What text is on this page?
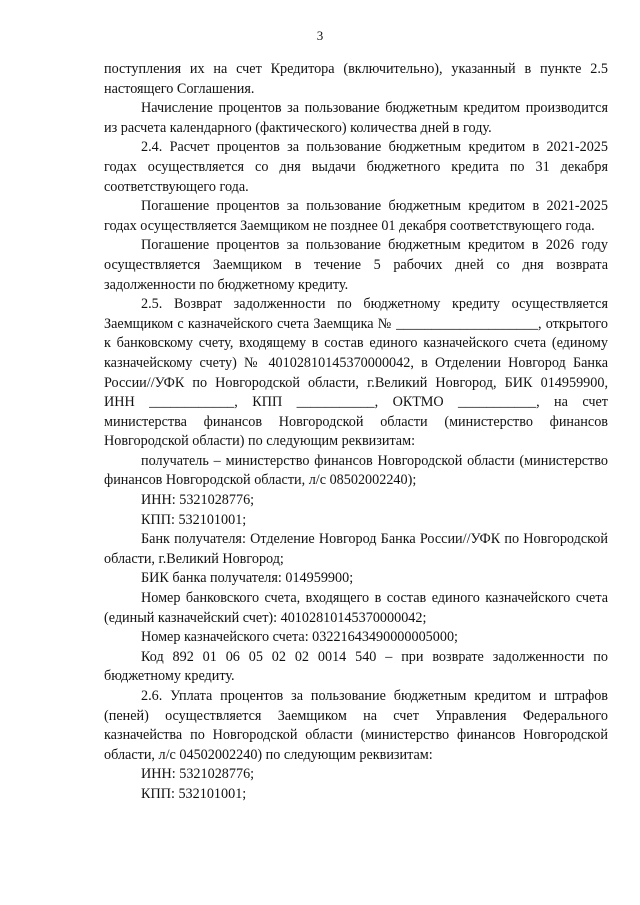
3

поступления их на счет Кредитора (включительно), указанный в пункте 2.5 настоящего Соглашения.

Начисление процентов за пользование бюджетным кредитом производится из расчета календарного (фактического) количества дней в году.

2.4. Расчет процентов за пользование бюджетным кредитом в 2021-2025 годах осуществляется со дня выдачи бюджетного кредита по 31 декабря соответствующего года.

Погашение процентов за пользование бюджетным кредитом в 2021-2025 годах осуществляется Заемщиком не позднее 01 декабря соответствующего года.

Погашение процентов за пользование бюджетным кредитом в 2026 году осуществляется Заемщиком в течение 5 рабочих дней со дня возврата задолженности по бюджетному кредиту.

2.5. Возврат задолженности по бюджетному кредиту осуществляется Заемщиком с казначейского счета Заемщика № ____________________, открытого к банковскому счету, входящему в состав единого казначейского счета (единому казначейскому счету) № 40102810145370000042, в Отделении Новгород Банка России//УФК по Новгородской области, г.Великий Новгород, БИК 014959900, ИНН ____________, КПП ___________, ОКТМО ___________, на счет министерства финансов Новгородской области (министерство финансов Новгородской области) по следующим реквизитам:

получатель – министерство финансов Новгородской области (министерство финансов Новгородской области, л/с 08502002240);

ИНН: 5321028776;

КПП: 532101001;

Банк получателя: Отделение Новгород Банка России//УФК по Новгородской области, г.Великий Новгород;

БИК банка получателя: 014959900;

Номер банковского счета, входящего в состав единого казначейского счета (единый казначейский счет): 40102810145370000042;

Номер казначейского счета: 03221643490000005000;

Код 892 01 06 05 02 02 0014 540 – при возврате задолженности по бюджетному кредиту.

2.6. Уплата процентов за пользование бюджетным кредитом и штрафов (пеней) осуществляется Заемщиком на счет Управления Федерального казначейства по Новгородской области (министерство финансов Новгородской области, л/с 04502002240) по следующим реквизитам:

ИНН: 5321028776;

КПП: 532101001;
